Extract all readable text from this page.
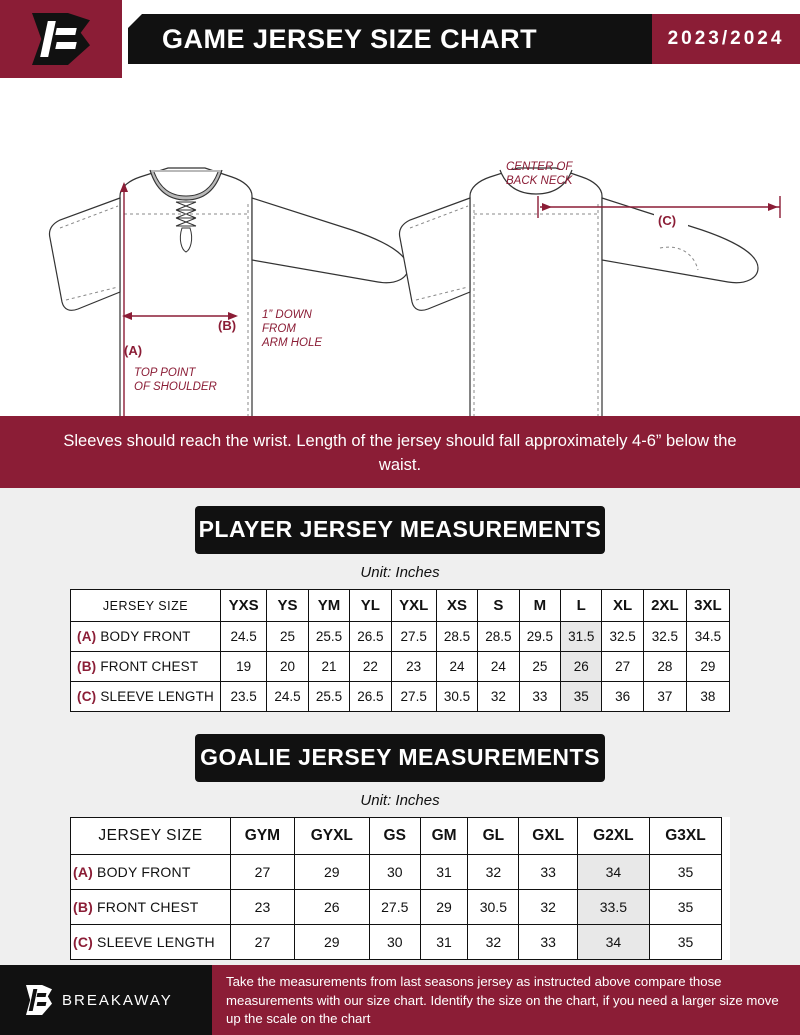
GAME JERSEY SIZE CHART	2023/2024
(B)
(A)
TOP POINT
OF SHOULDER
1” DOWN
FROM
ARM HOLE
(C)
CENTER OF
BACK NECK
Sleeves should reach the wrist. Length of the jersey should fall approximately 4-6” below the waist.
PLAYER JERSEY MEASUREMENTS
Unit: Inches
JERSEY SIZE	YXS	YS	YM	YL	YXL	XS	S	M	L	XL	2XL	3XL
(A) BODY FRONT	24.5	25	25.5	26.5	27.5	28.5	28.5	29.5	31.5	32.5	32.5	34.5
(B) FRONT CHEST	19	20	21	22	23	24	24	25	26	27	28	29
(C) SLEEVE LENGTH	23.5	24.5	25.5	26.5	27.5	30.5	32	33	35	36	37	38
GOALIE JERSEY MEASUREMENTS
Unit: Inches
JERSEY SIZE	GYM	GYXL	GS	GM	GL	GXL	G2XL	G3XL	
(A) BODY FRONT	27	29	30	31	32	33	34	35	
(B) FRONT CHEST	23	26	27.5	29	30.5	32	33.5	35	
(C) SLEEVE LENGTH	27	29	30	31	32	33	34	35	
BREAKAWAY
Take the measurements from last seasons jersey as instructed above compare those measurements with our size chart. Identify the size on the chart, if you need a larger size move up the scale on the chart
